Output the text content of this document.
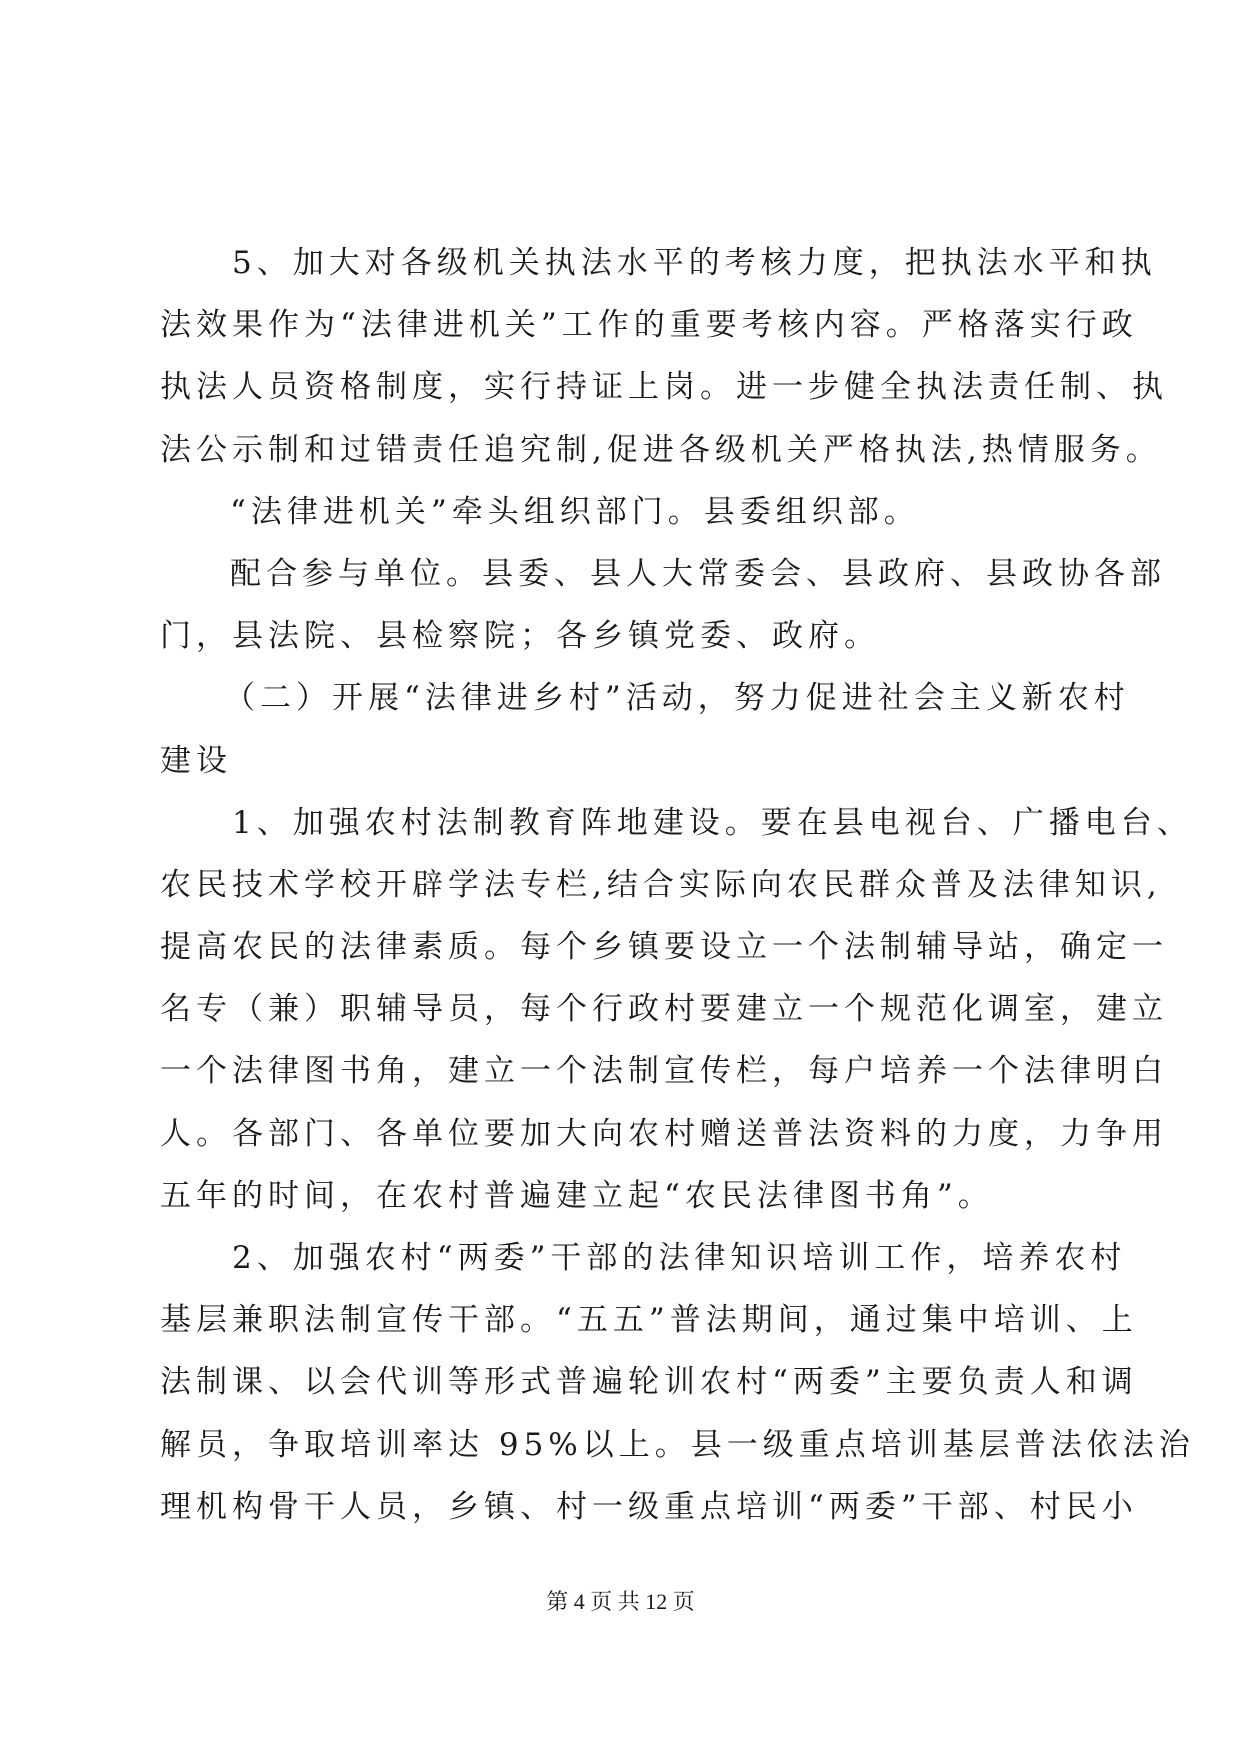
5、加大对各级机关执法水平的考核力度，把执法水平和执
法效果作为“法律进机关”工作的重要考核内容。严格落实行政
执法人员资格制度，实行持证上岗。进一步健全执法责任制、执
法公示制和过错责任追究制,促进各级机关严格执法,热情服务。
“法律进机关”牵头组织部门。县委组织部。
配合参与单位。县委、县人大常委会、县政府、县政协各部
门，县法院、县检察院；各乡镇党委、政府。
（二）开展“法律进乡村”活动，努力促进社会主义新农村
建设
1、加强农村法制教育阵地建设。要在县电视台、广播电台、
农民技术学校开辟学法专栏,结合实际向农民群众普及法律知识,
提高农民的法律素质。每个乡镇要设立一个法制辅导站，确定一
名专（兼）职辅导员，每个行政村要建立一个规范化调室，建立
一个法律图书角，建立一个法制宣传栏，每户培养一个法律明白
人。各部门、各单位要加大向农村赠送普法资料的力度，力争用
五年的时间，在农村普遍建立起“农民法律图书角”。
2、加强农村“两委”干部的法律知识培训工作，培养农村
基层兼职法制宣传干部。“五五”普法期间，通过集中培训、上
法制课、以会代训等形式普遍轮训农村“两委”主要负责人和调
解员，争取培训率达 95%以上。县一级重点培训基层普法依法治
理机构骨干人员，乡镇、村一级重点培训“两委”干部、村民小
第 4 页 共 12 页
